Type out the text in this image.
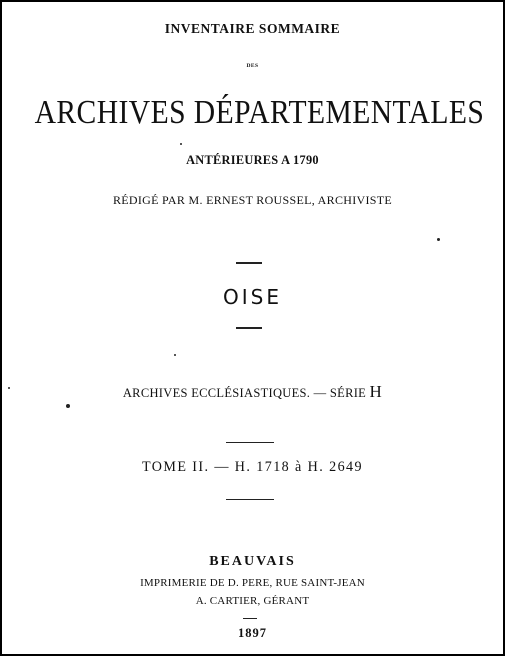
INVENTAIRE SOMMAIRE
DES
ARCHIVES DÉPARTEMENTALES
ANTÉRIEURES A 1790
RÉDIGÉ PAR M. ERNEST ROUSSEL, ARCHIVISTE
OISE
ARCHIVES ECCLÉSIASTIQUES. — SÉRIE H
TOME II. — H. 1718 à H. 2649
BEAUVAIS
IMPRIMERIE DE D. PERE, RUE SAINT-JEAN
A. CARTIER, GÉRANT
1897
